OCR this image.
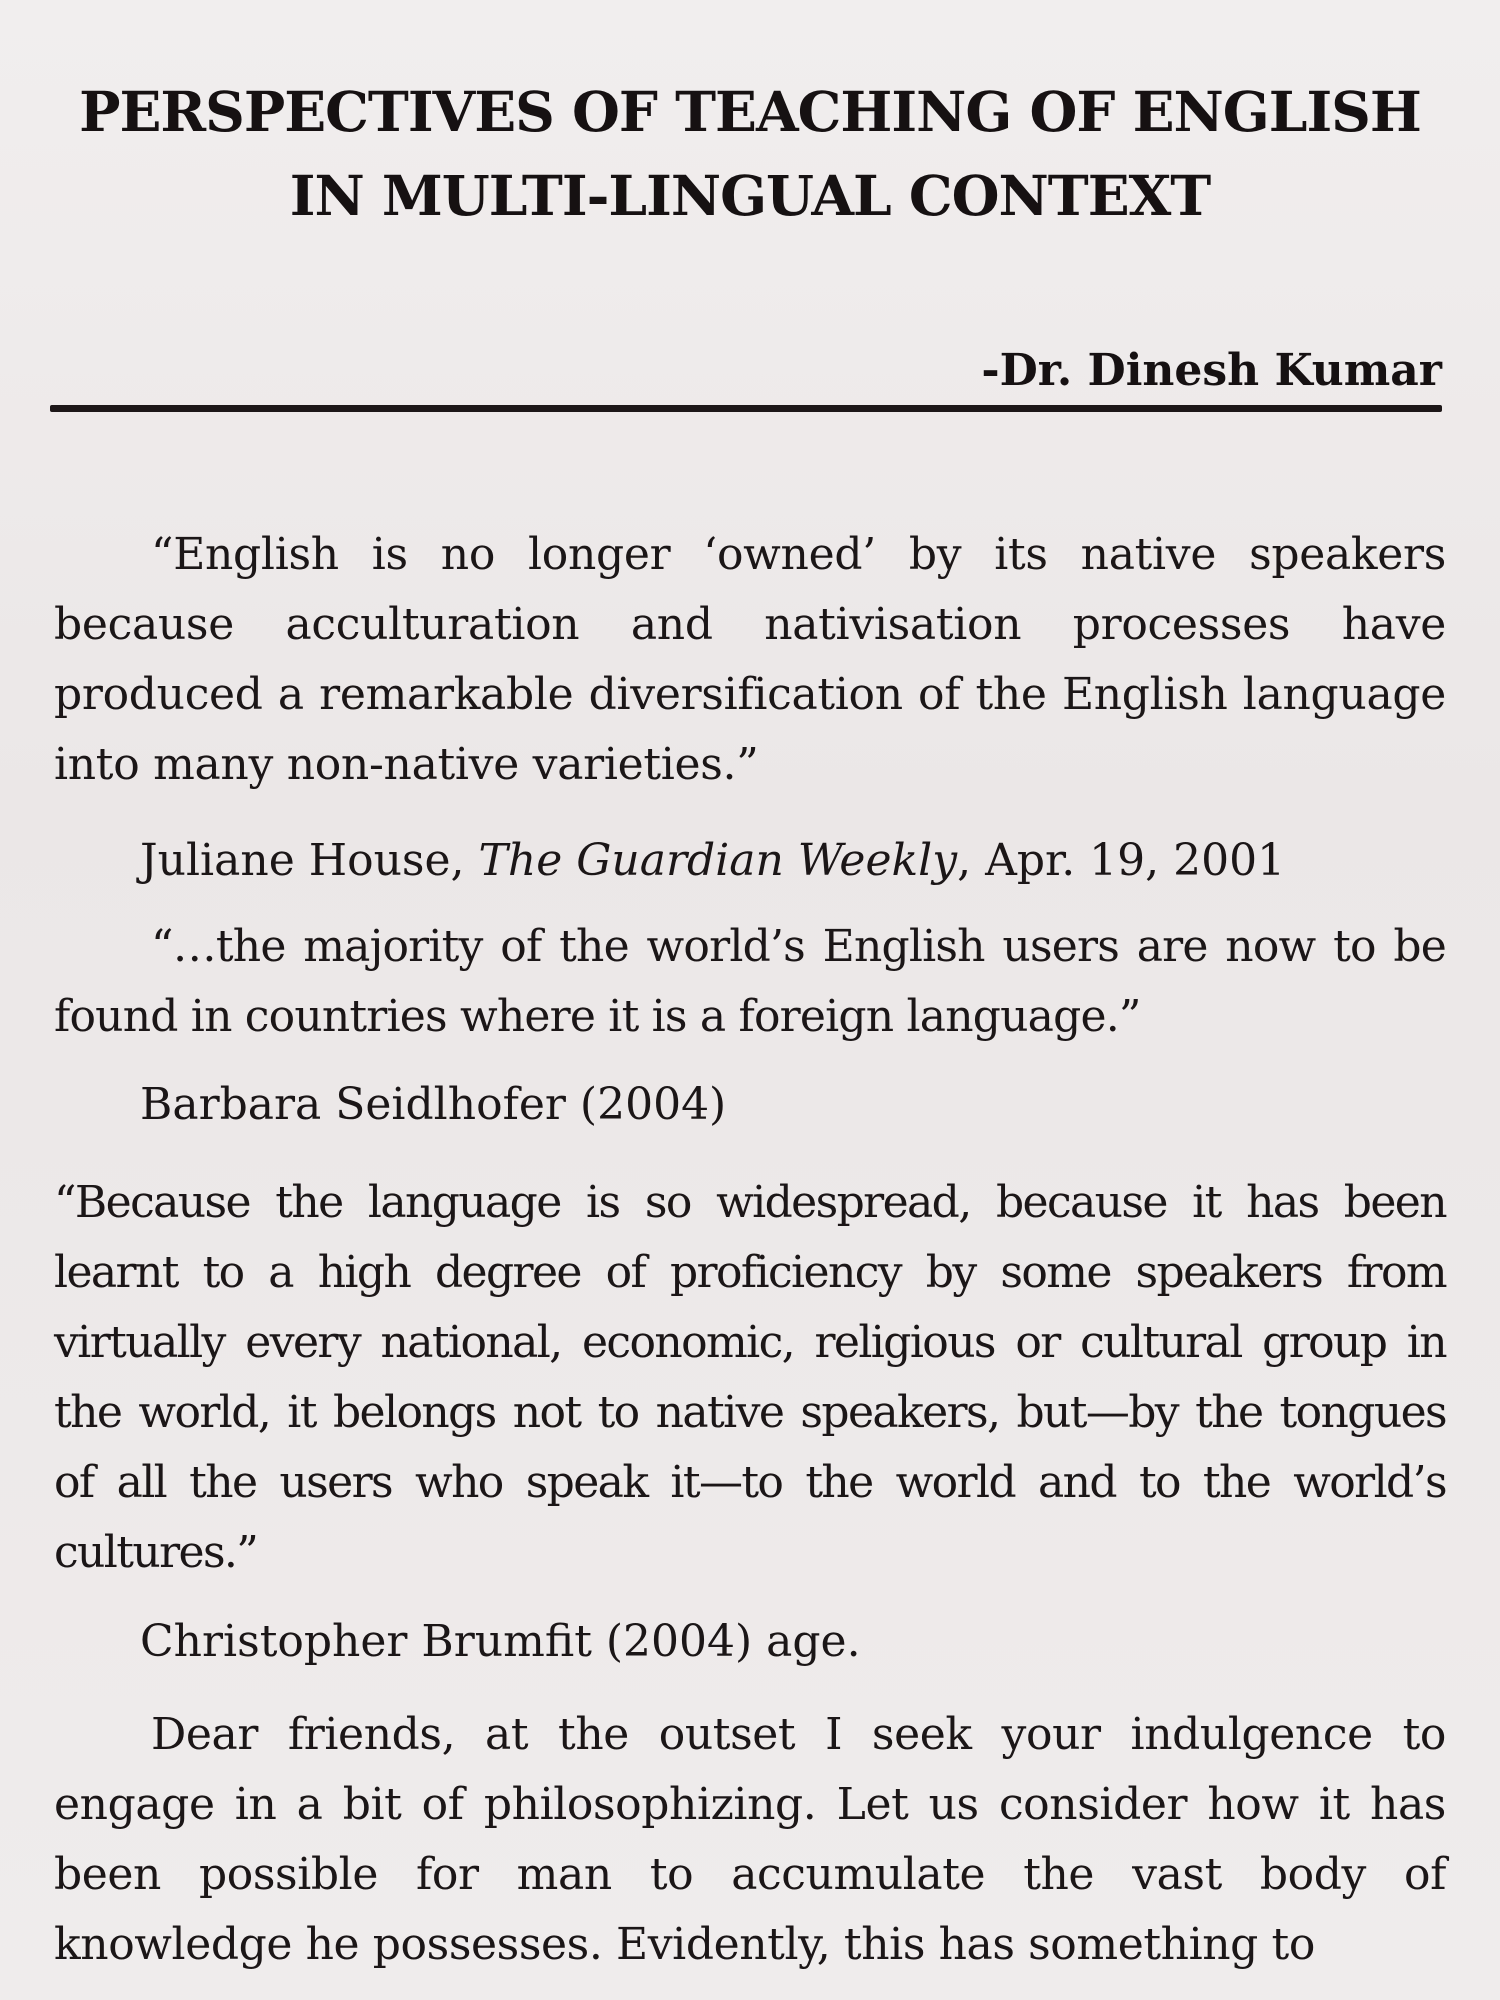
PERSPECTIVES OF TEACHING OF ENGLISH
IN MULTI-LINGUAL CONTEXT
-Dr. Dinesh Kumar

“English is no longer ‘owned’ by its native speakers because acculturation and nativisation processes have produced a remarkable diversification of the English language into many non-native varieties.”

Juliane House, The Guardian Weekly, Apr. 19, 2001

“…the majority of the world’s English users are now to be found in countries where it is a foreign language.”

Barbara Seidlhofer (2004)

“Because the language is so widespread, because it has been learnt to a high degree of proficiency by some speakers from virtually every national, economic, religious or cultural group in the world, it belongs not to native speakers, but—by the tongues of all the users who speak it—to the world and to the world’s cultures.”

Christopher Brumfit (2004) age.

Dear friends, at the outset I seek your indulgence to engage in a bit of philosophizing. Let us consider how it has been possible for man to accumulate the vast body of knowledge he possesses. Evidently, this has something to
